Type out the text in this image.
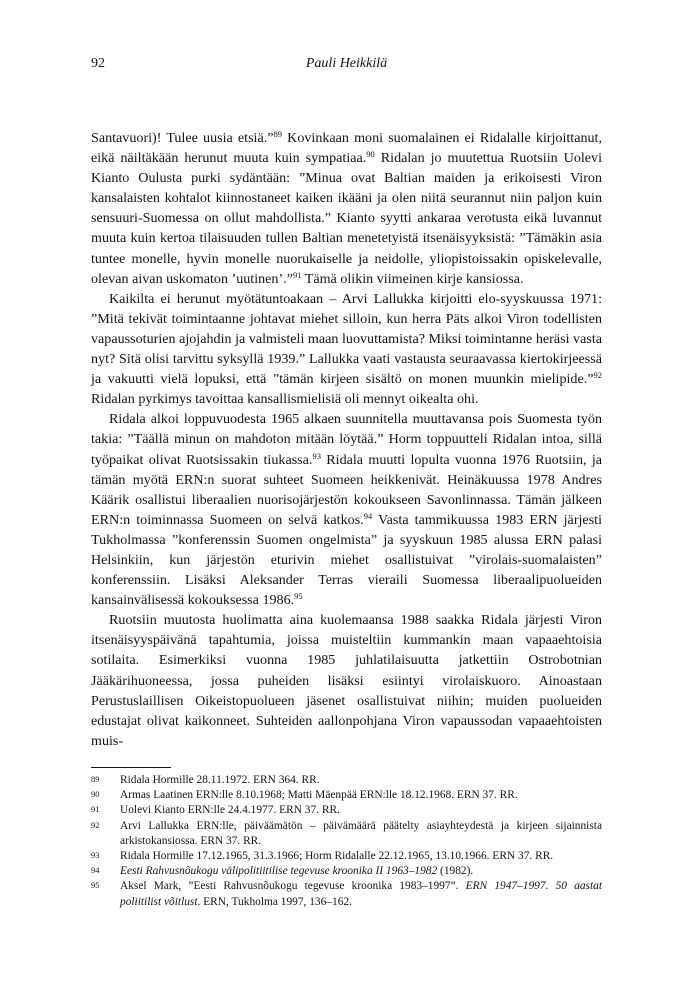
92	Pauli Heikkilä

Santavuori)! Tulee uusia etsiä.”$^{89}$ Kovinkaan moni suomalainen ei Ridalalle kirjoittanut, eikä näiltäkään herunut muuta kuin sympatiaa.$^{90}$ Ridalan jo muutettua Ruotsiin Uolevi Kianto Oulusta purki sydäntään: ”Minua ovat Baltian maiden ja erikoisesti Viron kansalaisten kohtalot kiinnostaneet kaiken ikääni ja olen niitä seurannut niin paljon kuin sensuuri-Suomessa on ollut mahdollista.” Kianto syytti ankaraa verotusta eikä luvannut muuta kuin kertoa tilaisuuden tullen Baltian menetetyistä itsenäisyyksistä: ”Tämäkin asia tuntee monelle, hyvin monelle nuorukaiselle ja neidolle, yliopistoissakin opiskelevalle, olevan aivan uskomaton ’uutinen’.”$^{91}$ Tämä olikin viimeinen kirje kansiossa.

Kaikilta ei herunut myötätuntoakaan – Arvi Lallukka kirjoitti elo-syyskuussa 1971: ”Mitä tekivät toimintaanne johtavat miehet silloin, kun herra Päts alkoi Viron todellisten vapaussoturien ajojahdin ja valmisteli maan luovuttamista? Miksi toimintanne heräsi vasta nyt? Sitä olisi tarvittu syksyllä 1939.” Lallukka vaati vastausta seuraavassa kiertokirjeessä ja vakuutti vielä lopuksi, että ”tämän kirjeen sisältö on monen muunkin mielipide.”$^{92}$ Ridalan pyrkimys tavoittaa kansallismielisiä oli mennyt oikealta ohi.

Ridala alkoi loppuvuodesta 1965 alkaen suunnitella muuttavansa pois Suomesta työn takia: ”Täällä minun on mahdoton mitään löytää.” Horm toppuutteli Ridalan intoa, sillä työpaikat olivat Ruotsissakin tiukassa.$^{93}$ Ridala muutti lopulta vuonna 1976 Ruotsiin, ja tämän myötä ERN:n suorat suhteet Suomeen heikkenivät. Heinäkuussa 1978 Andres Käärik osallistui liberaalien nuorisojärjestön kokoukseen Savonlinnassa. Tämän jälkeen ERN:n toiminnassa Suomeen on selvä katkos.$^{94}$ Vasta tammikuussa 1983 ERN järjesti Tukholmassa ”konferenssin Suomen ongelmista” ja syyskuun 1985 alussa ERN palasi Helsinkiin, kun järjestön eturivin miehet osallistuivat ”virolais-suomalaisten” konferenssiin. Lisäksi Aleksander Terras vieraili Suomessa liberaalipuolueiden kansainvälisessä kokouksessa 1986.95

Ruotsiin muutosta huolimatta aina kuolemaansa 1988 saakka Ridala järjesti Viron itsenäisyyspäivänä tapahtumia, joissa muisteltiin kummankin maan vapaaehtoisia sotilaita. Esimerkiksi vuonna 1985 juhlatilaisuutta jatkettiin Ostrobotnian Jääkärihuoneessa, jossa puheiden lisäksi esiintyi virolaiskuoro. Ainoastaan Perustuslaillisen Oikeistopuolueen jäsenet osallistuivat niihin; muiden puolueiden edustajat olivat kaikonneet. Suhteiden aallonpohjana Viron vapaussodan vapaaehtoisten muis-

89	Ridala Hormille 28.11.1972. ERN 364. RR.
90	Armas Laatinen ERN:lle 8.10.1968; Matti Mäenpää ERN:lle 18.12.1968. ERN 37. RR.
91	Uolevi Kianto ERN:lle 24.4.1977. ERN 37. RR.
92	Arvi Lallukka ERN:lle, päiväämätön – päivämäärä päätelty asiayhteydestä ja kirjeen sijainnista arkistokansiossa. ERN 37. RR.
93	Ridala Hormille 17.12.1965, 31.3.1966; Horm Ridalalle 22.12.1965, 13.10.1966. ERN 37. RR.
94	Eesti Rahvusnõukogu välipolitiitilise tegevuse kroonika II 1963–1982 (1982).
95	Aksel Mark, ”Eesti Rahvusnõukogu tegevuse kroonika 1983–1997”. ERN 1947–1997. 50 aastat poliitilist võitlust. ERN, Tukholma 1997, 136–162.
